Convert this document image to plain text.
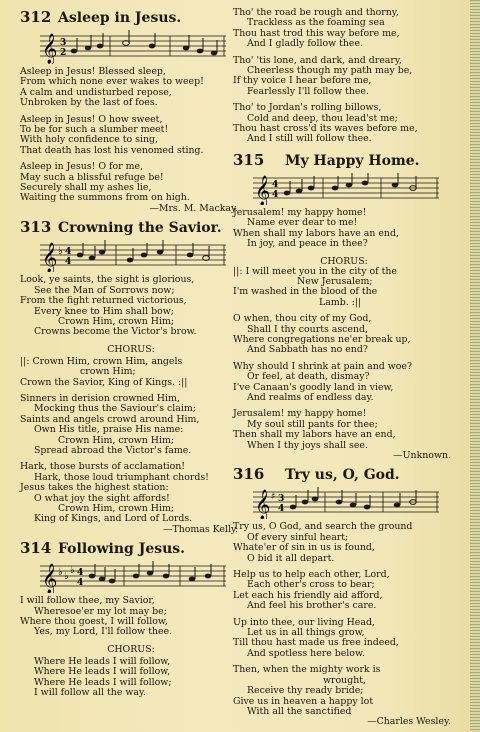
312 Asleep in Jesus.
𝄞 3
2
Asleep in Jesus! Blessed sleep,
From which none ever wakes to weep!
A calm and undisturbed repose,
Unbroken by the last of foes.
Asleep in Jesus! O how sweet,
To be for such a slumber meet!
With holy confidence to sing,
That death has lost his venomed sting.
Asleep in Jesus! O for me,
May such a blissful refuge be!
Securely shall my ashes lie,
Waiting the summons from on high.
—Mrs. M. Mackay.
313 Crowning the Savior.
𝄞 ♭ 4
4
Look, ye saints, the sight is glorious,
See the Man of Sorrows now;
From the fight returned victorious,
Every knee to Him shall bow;
Crown Him, crown Him;
Crowns become the Victor's brow.
CHORUS:
||: Crown Him, crown Him, angels
crown Him;
Crown the Savior, King of Kings. :||
Sinners in derision crowned Him,
Mocking thus the Saviour's claim;
Saints and angels crowd around Him,
Own His title, praise His name:
Crown Him, crown Him;
Spread abroad the Victor's fame.
Hark, those bursts of acclamation!
Hark, those loud triumphant chords!
Jesus takes the highest station:
O what joy the sight affords!
Crown Him, crown Him;
King of Kings, and Lord of Lords.
—Thomas Kelly.
314 Following Jesus.
𝄞 ♭ ♭
♭ 4
4
I will follow thee, my Savior,
Wheresoe'er my lot may be;
Where thou goest, I will follow,
Yes, my Lord, I'll follow thee.
CHORUS:
Where He leads I will follow,
Where He leads I will follow,
Where He leads I will follow;
I will follow all the way.
Tho' the road be rough and thorny,
Trackless as the foaming sea
Thou hast trod this way before me,
And I gladly follow thee.
Tho' 'tis lone, and dark, and dreary,
Cheerless though my path may be,
If thy voice I hear before me,
Fearlessly I'll follow thee.
Tho' to Jordan's rolling billows,
Cold and deep, thou lead'st me;
Thou hast cross'd its waves before me,
And I still will follow thee.
315	My Happy Home.
𝄞 4
4
Jerusalem! my happy home!
Name ever dear to me!
When shall my labors have an end,
In joy, and peace in thee?
CHORUS:
||: I will meet you in the city of the
New Jerusalem;
I'm washed in the blood of the
Lamb. :||
O when, thou city of my God,
Shall I thy courts ascend,
Where congregations ne'er break up,
And Sabbath has no end?
Why should I shrink at pain and woe?
Or feel, at death, dismay?
I've Canaan's goodly land in view,
And realms of endless day.
Jerusalem! my happy home!
My soul still pants for thee;
Then shall my labors have an end,
When I thy joys shall see.
—Unknown.
316	Try us, O, God.
𝄞 ♯ 3
4
Try us, O God, and search the ground
Of every sinful heart;
Whate'er of sin in us is found,
O bid it all depart.
Help us to help each other, Lord,
Each other's cross to bear;
Let each his friendly aid afford,
And feel his brother's care.
Up into thee, our living Head,
Let us in all things grow,
Till thou hast made us free indeed,
And spotless here below.
Then, when the mighty work is
wrought,
Receive thy ready bride;
Give us in heaven a happy lot
With all the sanctified
—Charles Wesley.
